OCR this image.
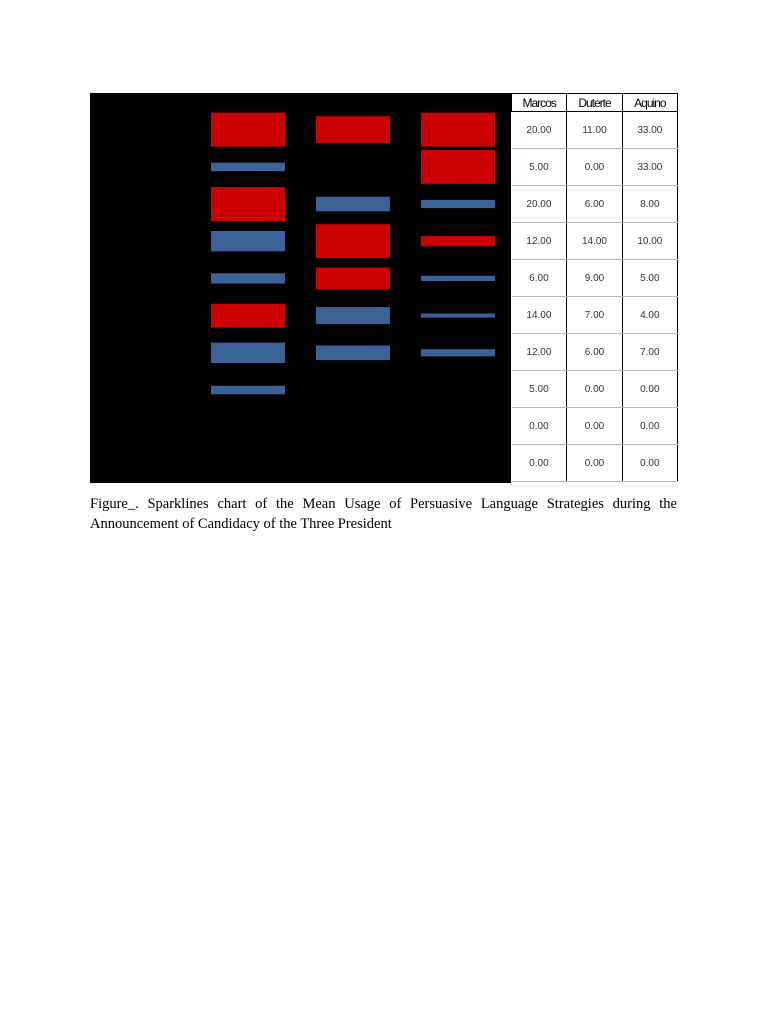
Marcos	Duterte	Aquino
20.00	11.00	33.00
5.00	0.00	33.00
20.00	6.00	8.00
12.00	14.00	10.00
6.00	9.00	5.00
14.00	7.00	4.00
12.00	6.00	7.00
5.00	0.00	0.00
0.00	0.00	0.00
0.00	0.00	0.00

Figure_. Sparklines chart of the Mean Usage of Persuasive Language Strategies during the Announcement of Candidacy of the Three President
